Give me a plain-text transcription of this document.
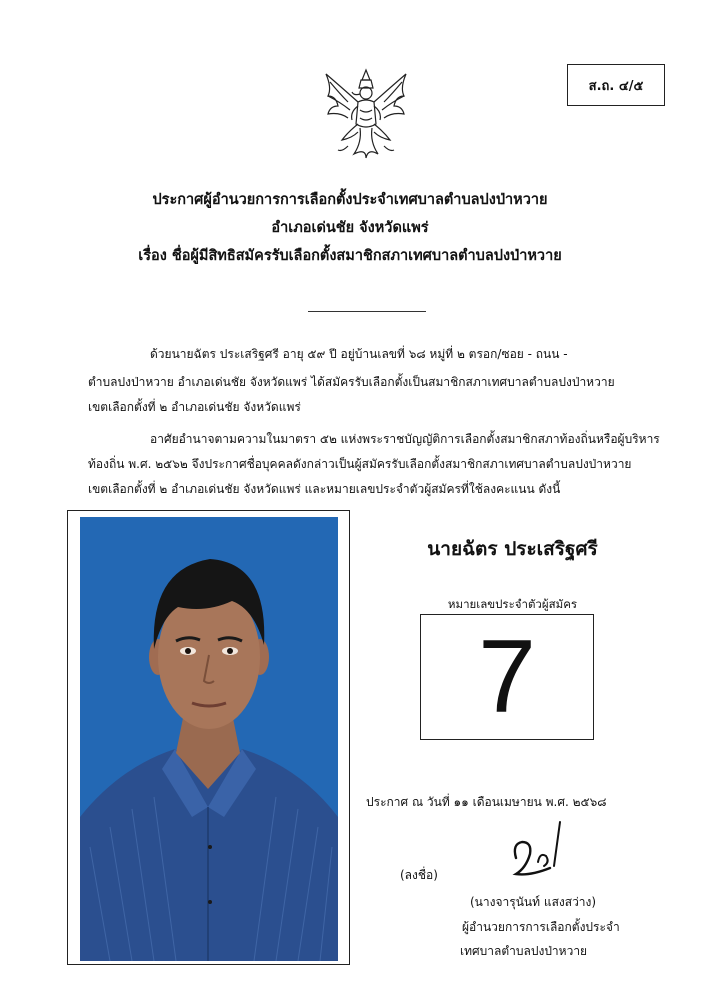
ส.ถ. ๔/๕
ประกาศผู้อำนวยการการเลือกตั้งประจำเทศบาลตำบลปงป่าหวาย
อำเภอเด่นชัย จังหวัดแพร่
เรื่อง ชื่อผู้มีสิทธิสมัครรับเลือกตั้งสมาชิกสภาเทศบาลตำบลปงป่าหวาย
ด้วยนายฉัตร ประเสริฐศรี อายุ ๕๙ ปี อยู่บ้านเลขที่ ๖๘ หมู่ที่ ๒ ตรอก/ซอย - ถนน -
ตำบลปงป่าหวาย อำเภอเด่นชัย จังหวัดแพร่ ได้สมัครรับเลือกตั้งเป็นสมาชิกสภาเทศบาลตำบลปงป่าหวาย
เขตเลือกตั้งที่ ๒ อำเภอเด่นชัย จังหวัดแพร่
อาศัยอำนาจตามความในมาตรา ๕๒ แห่งพระราชบัญญัติการเลือกตั้งสมาชิกสภาท้องถิ่นหรือผู้บริหาร
ท้องถิ่น พ.ศ. ๒๕๖๒ จึงประกาศชื่อบุคคลดังกล่าวเป็นผู้สมัครรับเลือกตั้งสมาชิกสภาเทศบาลตำบลปงป่าหวาย
เขตเลือกตั้งที่ ๒ อำเภอเด่นชัย จังหวัดแพร่ และหมายเลขประจำตัวผู้สมัครที่ใช้ลงคะแนน ดังนี้
นายฉัตร ประเสริฐศรี
หมายเลขประจำตัวผู้สมัคร
7
ประกาศ ณ วันที่ ๑๑ เดือนเมษายน พ.ศ. ๒๕๖๘
(ลงชื่อ)
(นางจารุนันท์ แสงสว่าง)
ผู้อำนวยการการเลือกตั้งประจำ
เทศบาลตำบลปงป่าหวาย
